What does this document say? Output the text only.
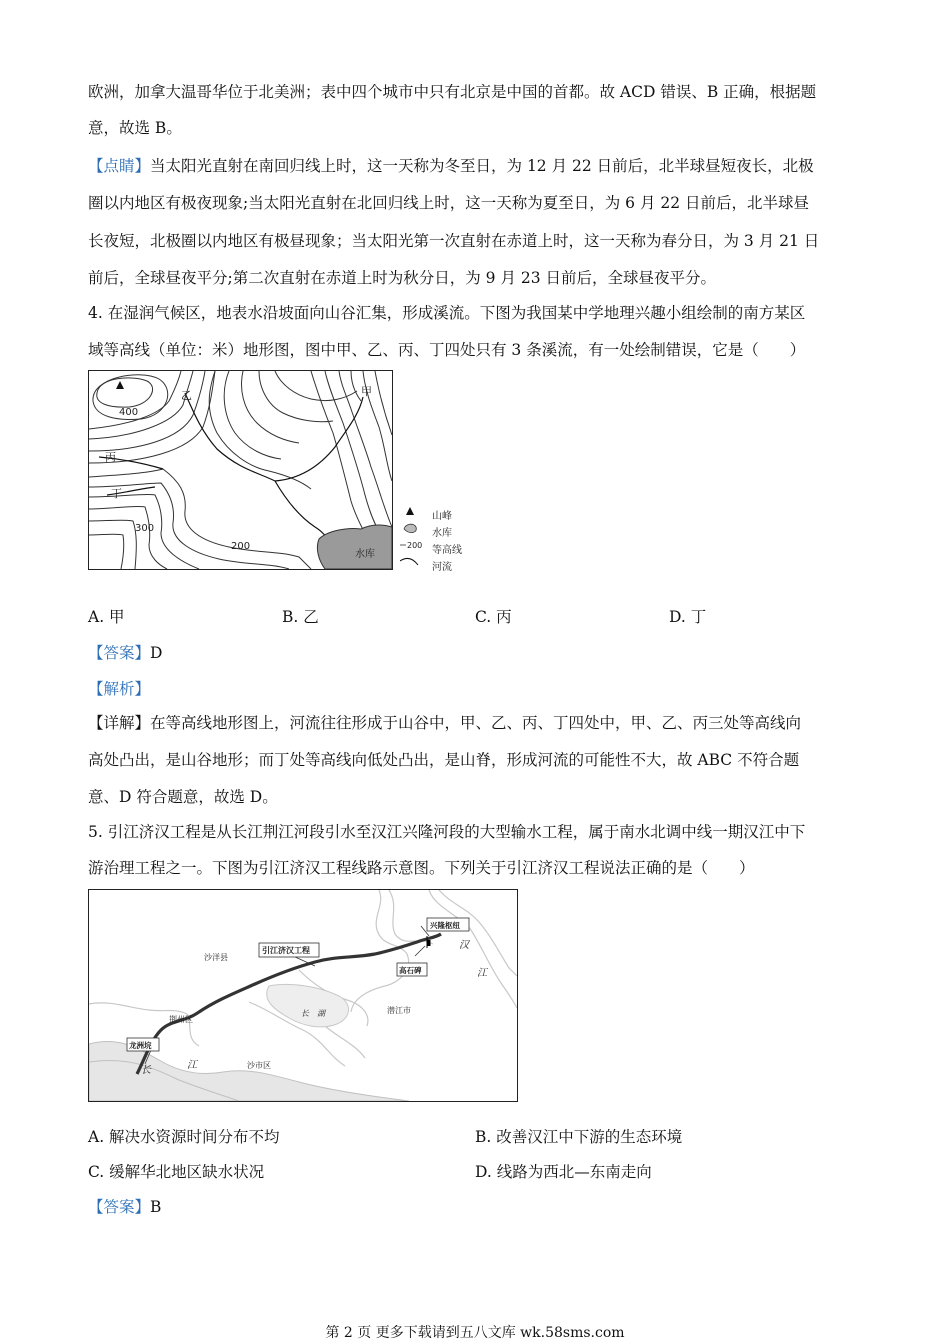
欧洲，加拿大温哥华位于北美洲；表中四个城市中只有北京是中国的首都。故 ACD 错误、B 正确，根据题
意，故选 B。
【点睛】当太阳光直射在南回归线上时，这一天称为冬至日，为 12 月 22 日前后，北半球昼短夜长，北极
圈以内地区有极夜现象;当太阳光直射在北回归线上时，这一天称为夏至日，为 6 月 22 日前后，北半球昼
长夜短，北极圈以内地区有极昼现象；当太阳光第一次直射在赤道上时，这一天称为春分日，为 3 月 21 日
前后，全球昼夜平分;第二次直射在赤道上时为秋分日，为 9 月 23 日前后，全球昼夜平分。
4. 在湿润气候区，地表水沿坡面向山谷汇集，形成溪流。下图为我国某中学地理兴趣小组绘制的南方某区
域等高线（单位：米）地形图，图中甲、乙、丙、丁四处只有 3 条溪流，有一处绘制错误，它是（　　）
甲
乙
丙
丁
400
300
200
水库
山峰
水库
200 等高线
河流
A. 甲	B. 乙	C. 丙	D. 丁
【答案】D
【解析】
【详解】在等高线地形图上，河流往往形成于山谷中，甲、乙、丙、丁四处中，甲、乙、丙三处等高线向
高处凸出，是山谷地形；而丁处等高线向低处凸出，是山脊，形成河流的可能性不大，故 ABC 不符合题
意、D 符合题意，故选 D。
5. 引江济汉工程是从长江荆江河段引水至汉江兴隆河段的大型输水工程，属于南水北调中线一期汉江中下
游治理工程之一。下图为引江济汉工程线路示意图。下列关于引江济汉工程说法正确的是（　　）
沙洋县
引江济汉工程
兴隆枢纽
高石碑
汉
江
荆州区
长　湖	潜江市
龙洲垸
长	江	沙市区
A. 解决水资源时间分布不均	B. 改善汉江中下游的生态环境
C. 缓解华北地区缺水状况	D. 线路为西北—东南走向
【答案】B
第 2 页 更多下载请到五八文库 wk.58sms.com
